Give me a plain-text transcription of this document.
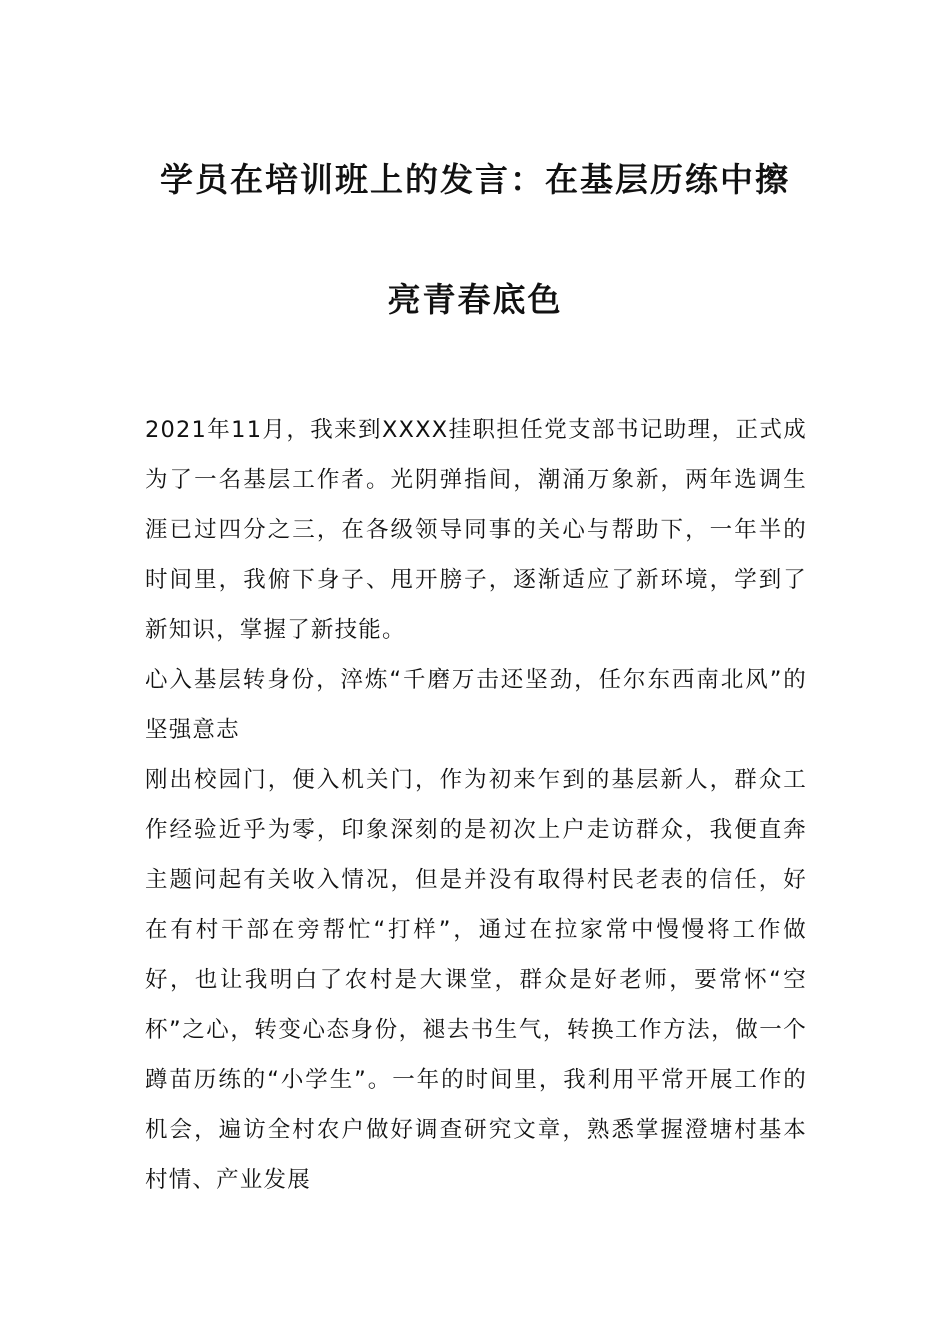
学员在培训班上的发言：在基层历练中擦
亮青春底色

2021年11月，我来到XXXX挂职担任党支部书记助理，正式成为了一名基层工作者。光阴弹指间，潮涌万象新，两年选调生涯已过四分之三，在各级领导同事的关心与帮助下，一年半的时间里，我俯下身子、甩开膀子，逐渐适应了新环境，学到了新知识，掌握了新技能。

心入基层转身份，淬炼“千磨万击还坚劲，任尔东西南北风”的坚强意志

刚出校园门，便入机关门，作为初来乍到的基层新人，群众工作经验近乎为零，印象深刻的是初次上户走访群众，我便直奔主题问起有关收入情况，但是并没有取得村民老表的信任，好在有村干部在旁帮忙“打样”，通过在拉家常中慢慢将工作做好，也让我明白了农村是大课堂，群众是好老师，要常怀“空杯”之心，转变心态身份，褪去书生气，转换工作方法，做一个蹲苗历练的“小学生”。一年的时间里，我利用平常开展工作的机会，遍访全村农户做好调查研究文章，熟悉掌握澄塘村基本村情、产业发展
